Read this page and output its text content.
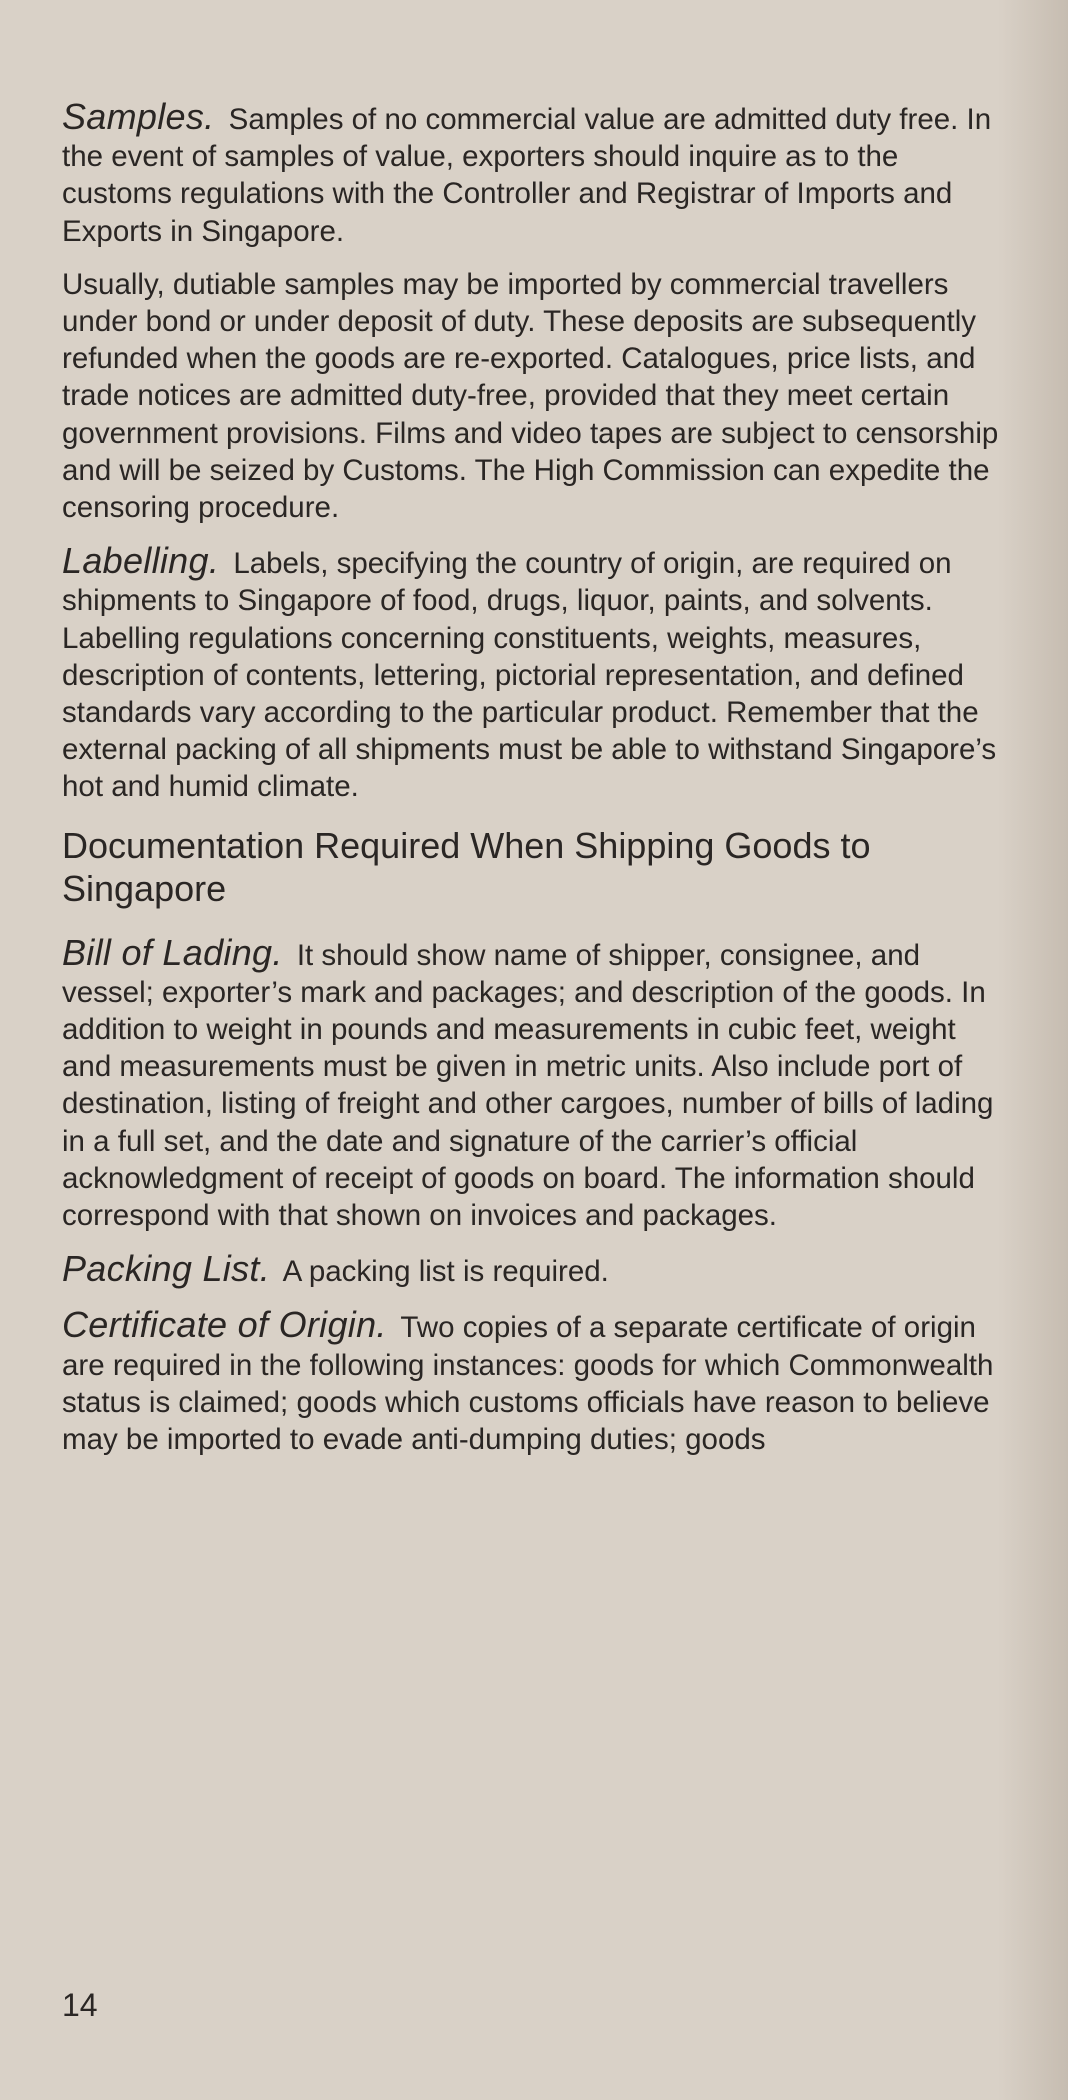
Samples. Samples of no commercial value are admitted duty free. In the event of samples of value, exporters should inquire as to the customs regulations with the Controller and Registrar of Imports and Exports in Singapore.

Usually, dutiable samples may be imported by commercial travellers under bond or under deposit of duty. These deposits are subsequently refunded when the goods are re-exported. Catalogues, price lists, and trade notices are admitted duty-free, provided that they meet certain government provisions. Films and video tapes are subject to censorship and will be seized by Customs. The High Commission can expedite the censoring procedure.

Labelling. Labels, specifying the country of origin, are required on shipments to Singapore of food, drugs, liquor, paints, and solvents. Labelling regulations concerning constituents, weights, measures, description of contents, lettering, pictorial representation, and defined standards vary according to the particular product. Remember that the external packing of all shipments must be able to withstand Singapore’s hot and humid climate.

Documentation Required When Shipping Goods to Singapore

Bill of Lading. It should show name of shipper, consignee, and vessel; exporter’s mark and packages; and description of the goods. In addition to weight in pounds and measurements in cubic feet, weight and measurements must be given in metric units. Also include port of destination, listing of freight and other cargoes, number of bills of lading in a full set, and the date and signature of the carrier’s official acknowledgment of receipt of goods on board. The information should correspond with that shown on invoices and packages.

Packing List. A packing list is required.

Certificate of Origin. Two copies of a separate certificate of origin are required in the following instances: goods for which Commonwealth status is claimed; goods which customs officials have reason to believe may be imported to evade anti-dumping duties; goods

14
